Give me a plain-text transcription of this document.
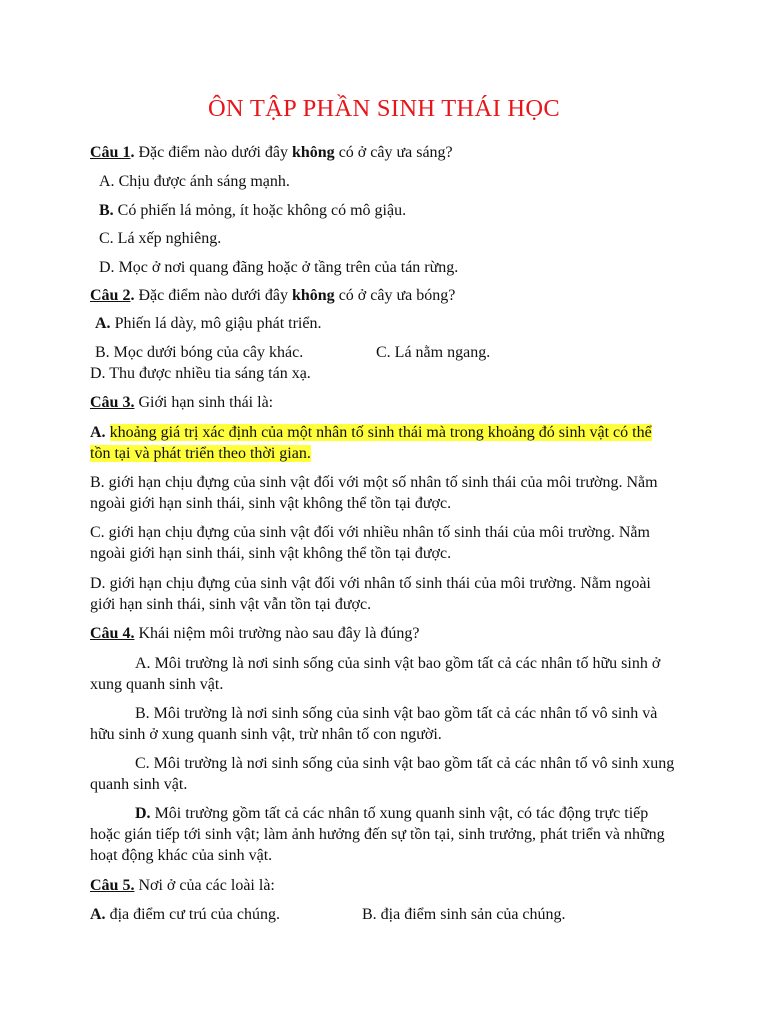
ÔN TẬP PHẦN SINH THÁI HỌC
Câu 1. Đặc điểm nào dưới đây không có ở cây ưa sáng?
A. Chịu được ánh sáng mạnh.
B. Có phiến lá mỏng, ít hoặc không có mô giậu.
C. Lá xếp nghiêng.
D. Mọc ở nơi quang đãng hoặc ở tầng trên của tán rừng.
Câu 2. Đặc điểm nào dưới đây không có ở cây ưa bóng?
A. Phiến lá dày, mô giậu phát triển.
B. Mọc dưới bóng của cây khác.	C. Lá nằm ngang.
D. Thu được nhiều tia sáng tán xạ.
Câu 3. Giới hạn sinh thái là:
A. khoảng giá trị xác định của một nhân tố sinh thái mà trong khoảng đó sinh vật có thể tồn tại và phát triển theo thời gian.
B. giới hạn chịu đựng của sinh vật đối với một số nhân tố sinh thái của môi trường. Nằm ngoài giới hạn sinh thái, sinh vật không thể tồn tại được.
C. giới hạn chịu đựng của sinh vật đối với nhiều nhân tố sinh thái của môi trường. Nằm ngoài giới hạn sinh thái, sinh vật không thể tồn tại được.
D. giới hạn chịu đựng của sinh vật đối với nhân tố sinh thái của môi trường. Nằm ngoài giới hạn sinh thái, sinh vật vẫn tồn tại được.
Câu 4. Khái niệm môi trường nào sau đây là đúng?
A. Môi trường là nơi sinh sống của sinh vật bao gồm tất cả các nhân tố hữu sinh ở xung quanh sinh vật.
B. Môi trường là nơi sinh sống của sinh vật bao gồm tất cả các nhân tố vô sinh và hữu sinh ở xung quanh sinh vật, trừ nhân tố con người.
C. Môi trường là nơi sinh sống của sinh vật bao gồm tất cả các nhân tố vô sinh xung quanh sinh vật.
D. Môi trường gồm tất cả các nhân tố xung quanh sinh vật, có tác động trực tiếp hoặc gián tiếp tới sinh vật; làm ảnh hưởng đến sự tồn tại, sinh trưởng, phát triển và những hoạt động khác của sinh vật.
Câu 5. Nơi ở của các loài là:
A. địa điểm cư trú của chúng.	B. địa điểm sinh sản của chúng.
